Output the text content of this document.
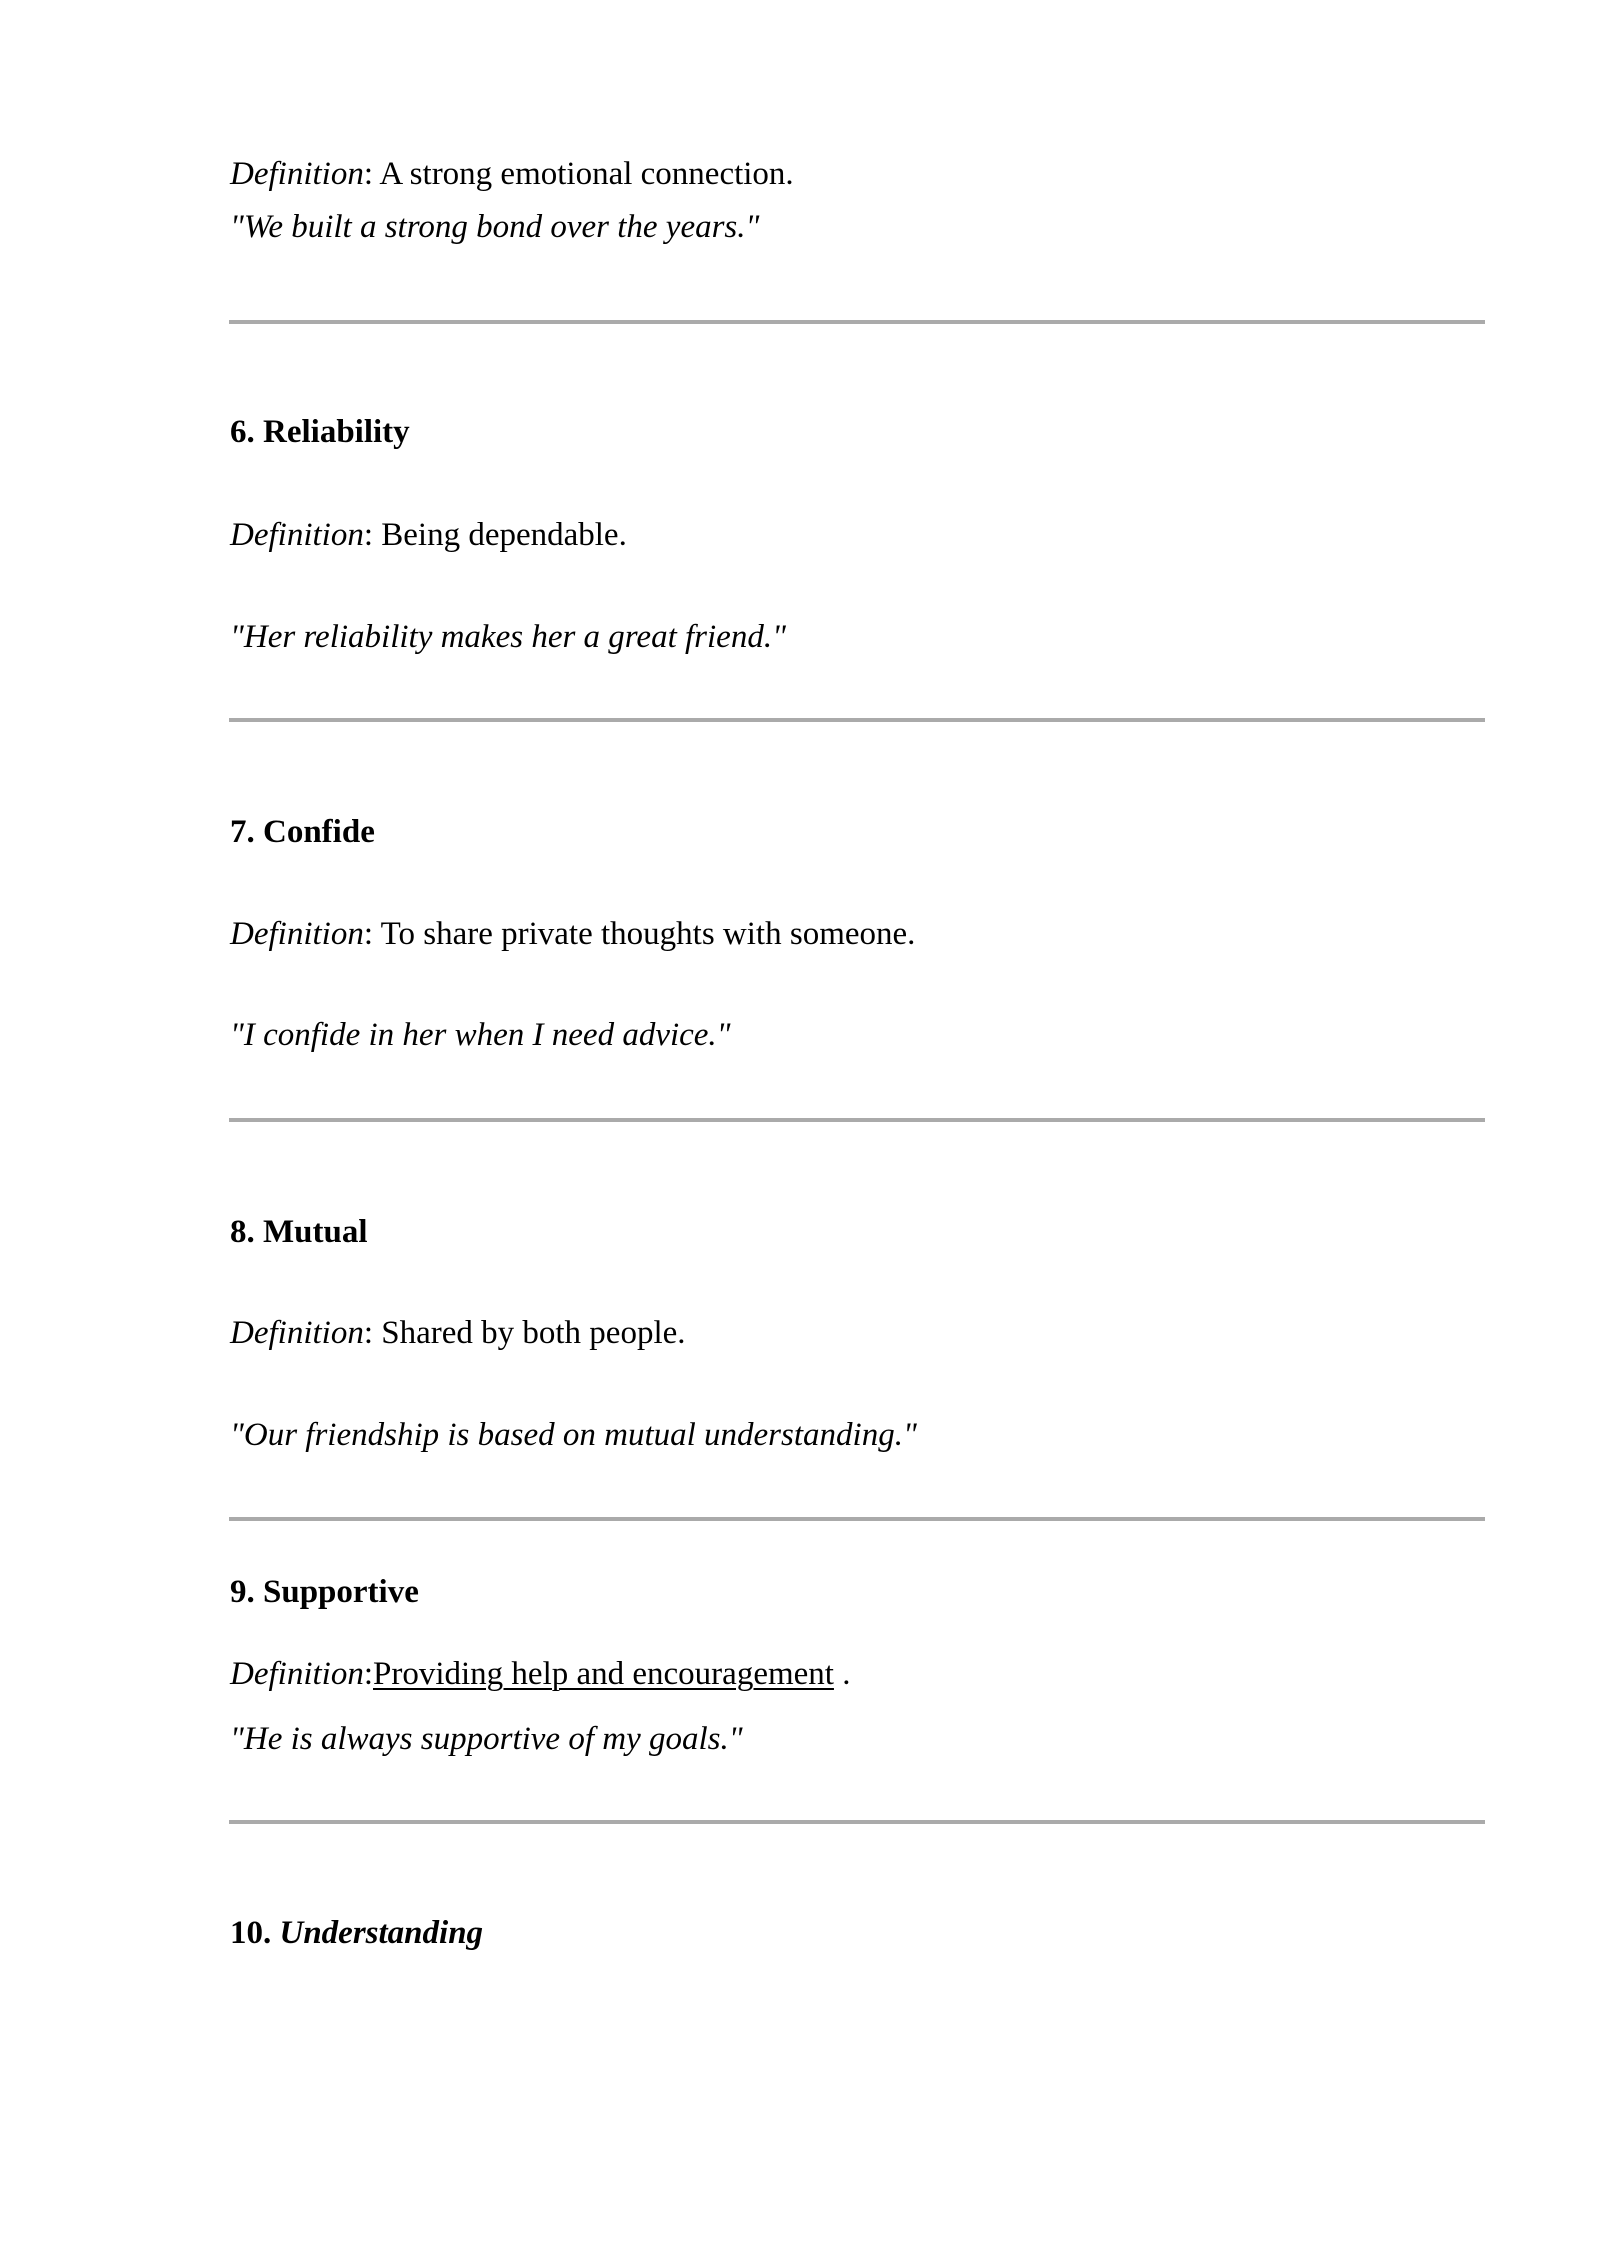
Definition: A strong emotional connection.
"We built a strong bond over the years."
6. Reliability
Definition: Being dependable.
"Her reliability makes her a great friend."
7. Confide
Definition: To share private thoughts with someone.
"I confide in her when I need advice."
8. Mutual
Definition: Shared by both people.
"Our friendship is based on mutual understanding."
9. Supportive
Definition:Providing help and encouragement .
"He is always supportive of my goals."
10. Understanding
